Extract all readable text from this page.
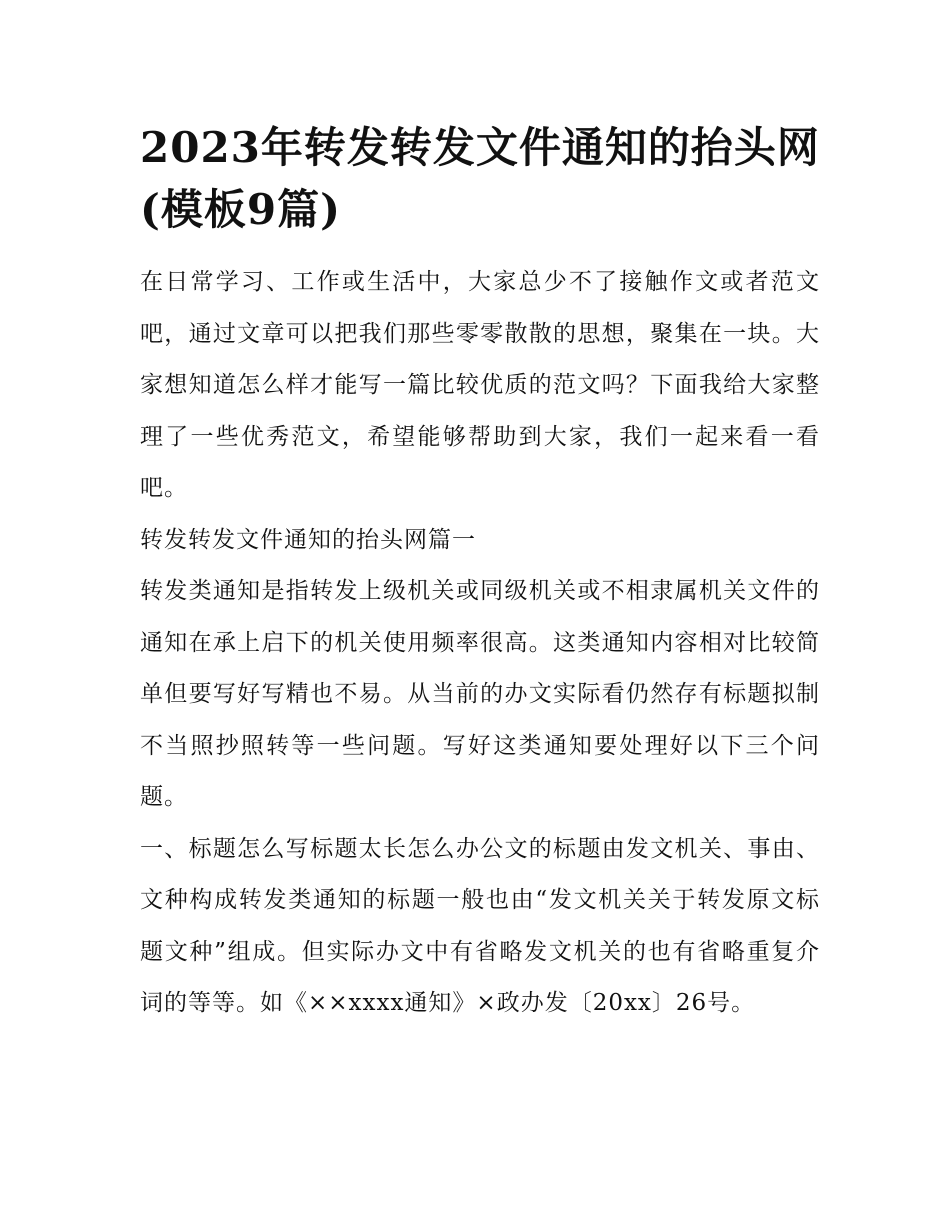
2023年转发转发文件通知的抬头网(模板9篇)

在日常学习、工作或生活中，大家总少不了接触作文或者范文吧，通过文章可以把我们那些零零散散的思想，聚集在一块。大家想知道怎么样才能写一篇比较优质的范文吗？下面我给大家整理了一些优秀范文，希望能够帮助到大家，我们一起来看一看吧。

转发转发文件通知的抬头网篇一

转发类通知是指转发上级机关或同级机关或不相隶属机关文件的通知在承上启下的机关使用频率很高。这类通知内容相对比较简单但要写好写精也不易。从当前的办文实际看仍然存有标题拟制不当照抄照转等一些问题。写好这类通知要处理好以下三个问题。

一、标题怎么写标题太长怎么办公文的标题由发文机关、事由、文种构成转发类通知的标题一般也由“发文机关关于转发原文标题文种”组成。但实际办文中有省略发文机关的也有省略重复介词的等等。如《××xxxx通知》×政办发〔20xx〕26号。
